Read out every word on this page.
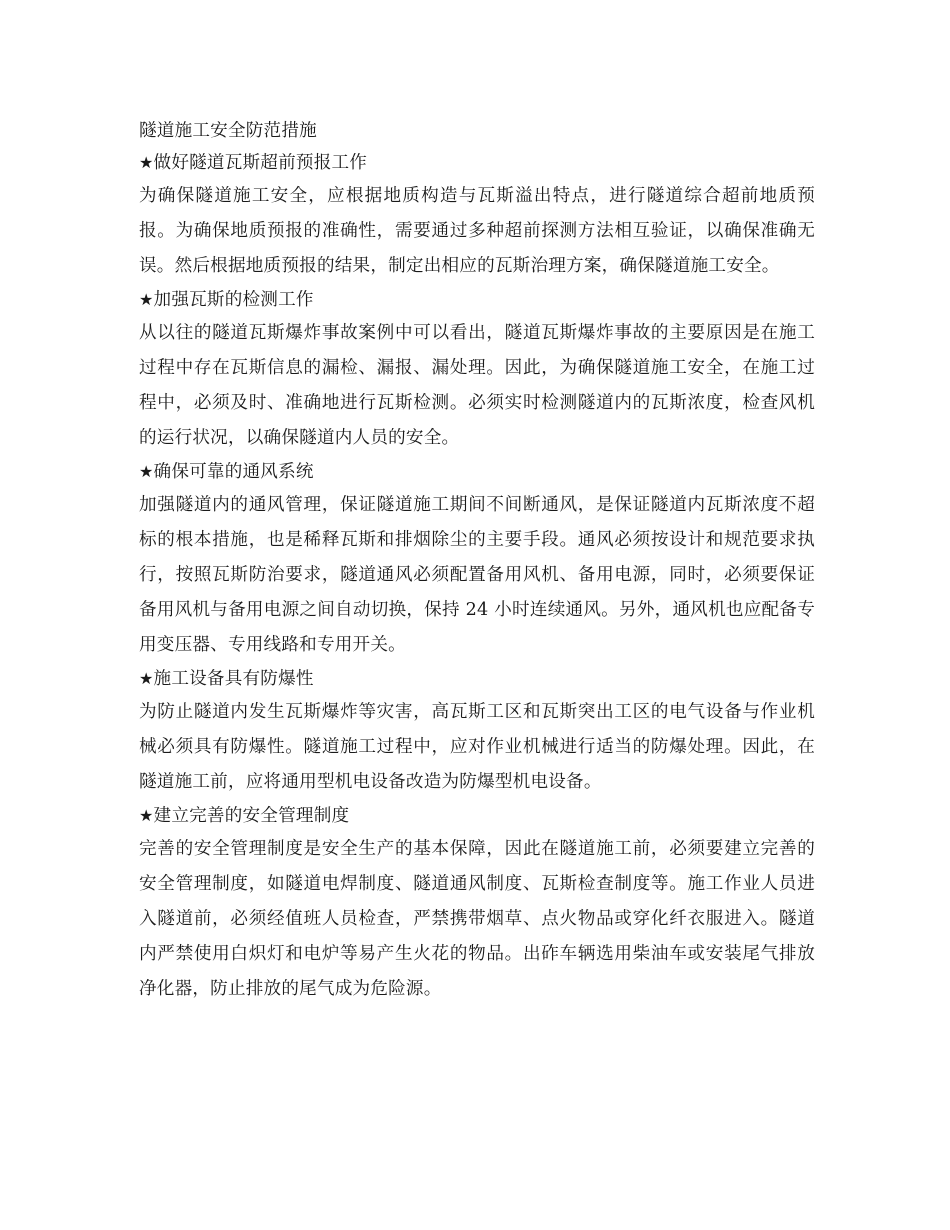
隧道施工安全防范措施
★做好隧道瓦斯超前预报工作

为确保隧道施工安全，应根据地质构造与瓦斯溢出特点，进行隧道综合超前地质预报。为确保地质预报的准确性，需要通过多种超前探测方法相互验证，以确保准确无误。然后根据地质预报的结果，制定出相应的瓦斯治理方案，确保隧道施工安全。

★加强瓦斯的检测工作

从以往的隧道瓦斯爆炸事故案例中可以看出，隧道瓦斯爆炸事故的主要原因是在施工过程中存在瓦斯信息的漏检、漏报、漏处理。因此，为确保隧道施工安全，在施工过程中，必须及时、准确地进行瓦斯检测。必须实时检测隧道内的瓦斯浓度，检查风机的运行状况，以确保隧道内人员的安全。

★确保可靠的通风系统

加强隧道内的通风管理，保证隧道施工期间不间断通风，是保证隧道内瓦斯浓度不超标的根本措施，也是稀释瓦斯和排烟除尘的主要手段。通风必须按设计和规范要求执行，按照瓦斯防治要求，隧道通风必须配置备用风机、备用电源，同时，必须要保证备用风机与备用电源之间自动切换，保持 24 小时连续通风。另外，通风机也应配备专用变压器、专用线路和专用开关。

★施工设备具有防爆性

为防止隧道内发生瓦斯爆炸等灾害，高瓦斯工区和瓦斯突出工区的电气设备与作业机械必须具有防爆性。隧道施工过程中，应对作业机械进行适当的防爆处理。因此，在隧道施工前，应将通用型机电设备改造为防爆型机电设备。

★建立完善的安全管理制度

完善的安全管理制度是安全生产的基本保障，因此在隧道施工前，必须要建立完善的安全管理制度，如隧道电焊制度、隧道通风制度、瓦斯检查制度等。施工作业人员进入隧道前，必须经值班人员检查，严禁携带烟草、点火物品或穿化纤衣服进入。隧道内严禁使用白炽灯和电炉等易产生火花的物品。出砟车辆选用柴油车或安装尾气排放净化器，防止排放的尾气成为危险源。
